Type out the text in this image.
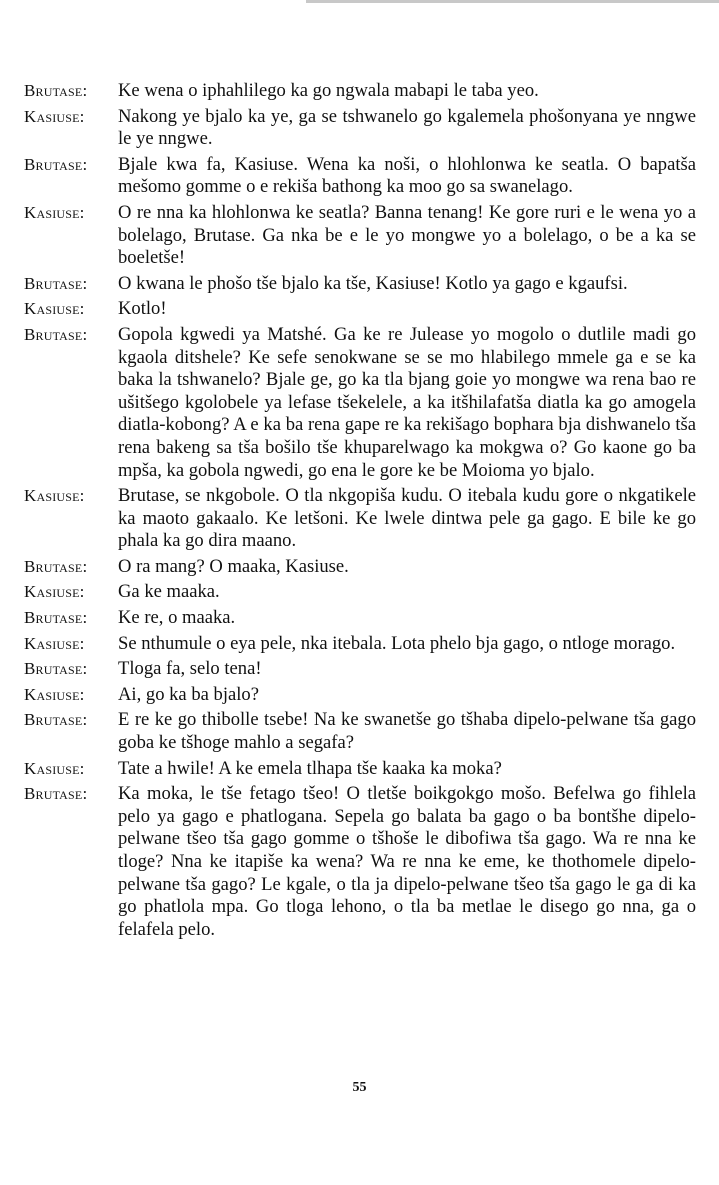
Brutase: Ke wena o iphahlilego ka go ngwala mabapi le taba yeo.
Kasiuse: Nakong ye bjalo ka ye, ga se tshwanelo go kgalemela phošonyana ye nngwe le ye nngwe.
Brutase: Bjale kwa fa, Kasiuse. Wena ka noši, o hlohlonwa ke seatla. O bapatša mešomo gomme o e rekiša bathong ka moo go sa swanelago.
Kasiuse: O re nna ka hlohlonwa ke seatla? Banna tenang! Ke gore ruri e le wena yo a bolelago, Brutase. Ga nka be e le yo mongwe yo a bolelago, o be a ka se boeletše!
Brutase: O kwana le phošo tše bjalo ka tše, Kasiuse! Kotlo ya gago e kgaufsi.
Kasiuse: Kotlo!
Brutase: Gopola kgwedi ya Matshé. Ga ke re Julease yo mogolo o dutlile madi go kgaola ditshele? Ke sefe senokwane se se mo hlabilego mmele ga e se ka baka la tshwanelo? Bjale ge, go ka tla bjang goie yo mongwe wa rena bao re ušitšego kgolobele ya lefase tšekelele, a ka itšhilafatša diatla ka go amogela diatla-kobong? A e ka ba rena gape re ka rekišago bophara bja dishwanelo tša rena bakeng sa tša bošilo tše khuparelwago ka mokgwa o? Go kaone go ba mpša, ka gobola ngwedi, go ena le gore ke be Moioma yo bjalo.
Kasiuse: Brutase, se nkgobole. O tla nkgopiša kudu. O itebala kudu gore o nkgatikele ka maoto gakaalo. Ke letšoni. Ke lwele dintwa pele ga gago. E bile ke go phala ka go dira maano.
Brutase: O ra mang? O maaka, Kasiuse.
Kasiuse: Ga ke maaka.
Brutase: Ke re, o maaka.
Kasiuse: Se nthumule o eya pele, nka itebala. Lota phelo bja gago, o ntloge morago.
Brutase: Tloga fa, selo tena!
Kasiuse: Ai, go ka ba bjalo?
Brutase: E re ke go thibolle tsebe! Na ke swanetše go tšhaba dipelo-pelwane tša gago goba ke tšhoge mahlo a segafa?
Kasiuse: Tate a hwile! A ke emela tlhapa tše kaaka ka moka?
Brutase: Ka moka, le tše fetago tšeo! O tletše boikgokgo mošo. Befelwa go fihlela pelo ya gago e phatlogana. Sepela go balata ba gago o ba bontšhe dipelo-pelwane tšeo tša gago gomme o tšhoše le dibofiwa tša gago. Wa re nna ke tloge? Nna ke itapiše ka wena? Wa re nna ke eme, ke thothomele dipelo-pelwane tša gago? Le kgale, o tla ja dipelo-pelwane tšeo tša gago le ga di ka go phatlola mpa. Go tloga lehono, o tla ba metlae le disego go nna, ga o felafela pelo.
55
